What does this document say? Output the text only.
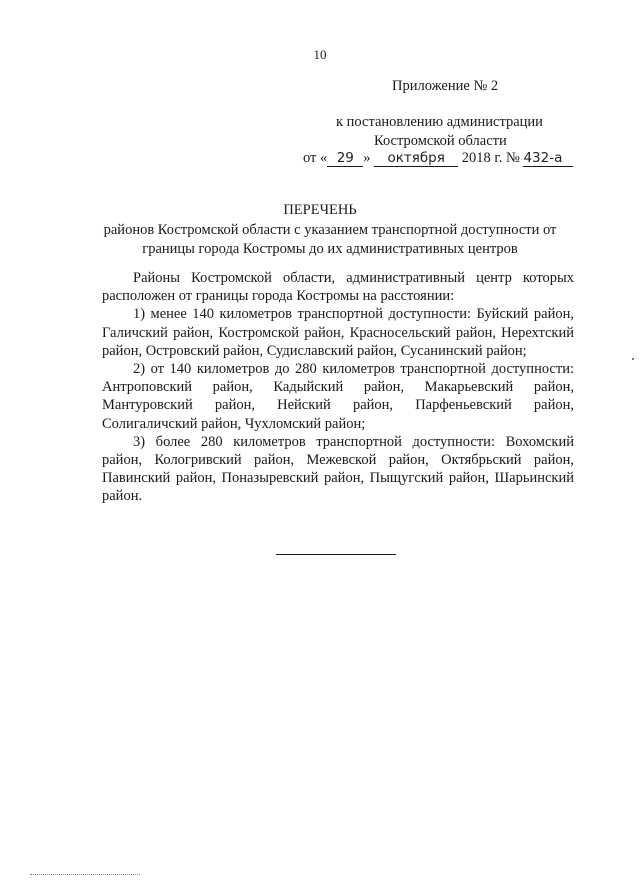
10
Приложение № 2
к постановлению администрации
Костромской области
от « 29 » октября 2018 г. № 432-а
ПЕРЕЧЕНЬ
районов Костромской области с указанием транспортной доступности от границы города Костромы до их административных центров

Районы Костромской области, административный центр которых расположен от границы города Костромы на расстоянии:

1) менее 140 километров транспортной доступности: Буйский район, Галичский район, Костромской район, Красносельский район, Нерехтский район, Островский район, Судиславский район, Сусанинский район;

2) от 140 километров до 280 километров транспортной доступности: Антроповский район, Кадыйский район, Макарьевский район, Мантуровский район, Нейский район, Парфеньевский район, Солигаличский район, Чухломский район;

3) более 280 километров транспортной доступности: Вохомский район, Кологривский район, Межевской район, Октябрьский район, Павинский район, Поназыревский район, Пыщугский район, Шарьинский район.
